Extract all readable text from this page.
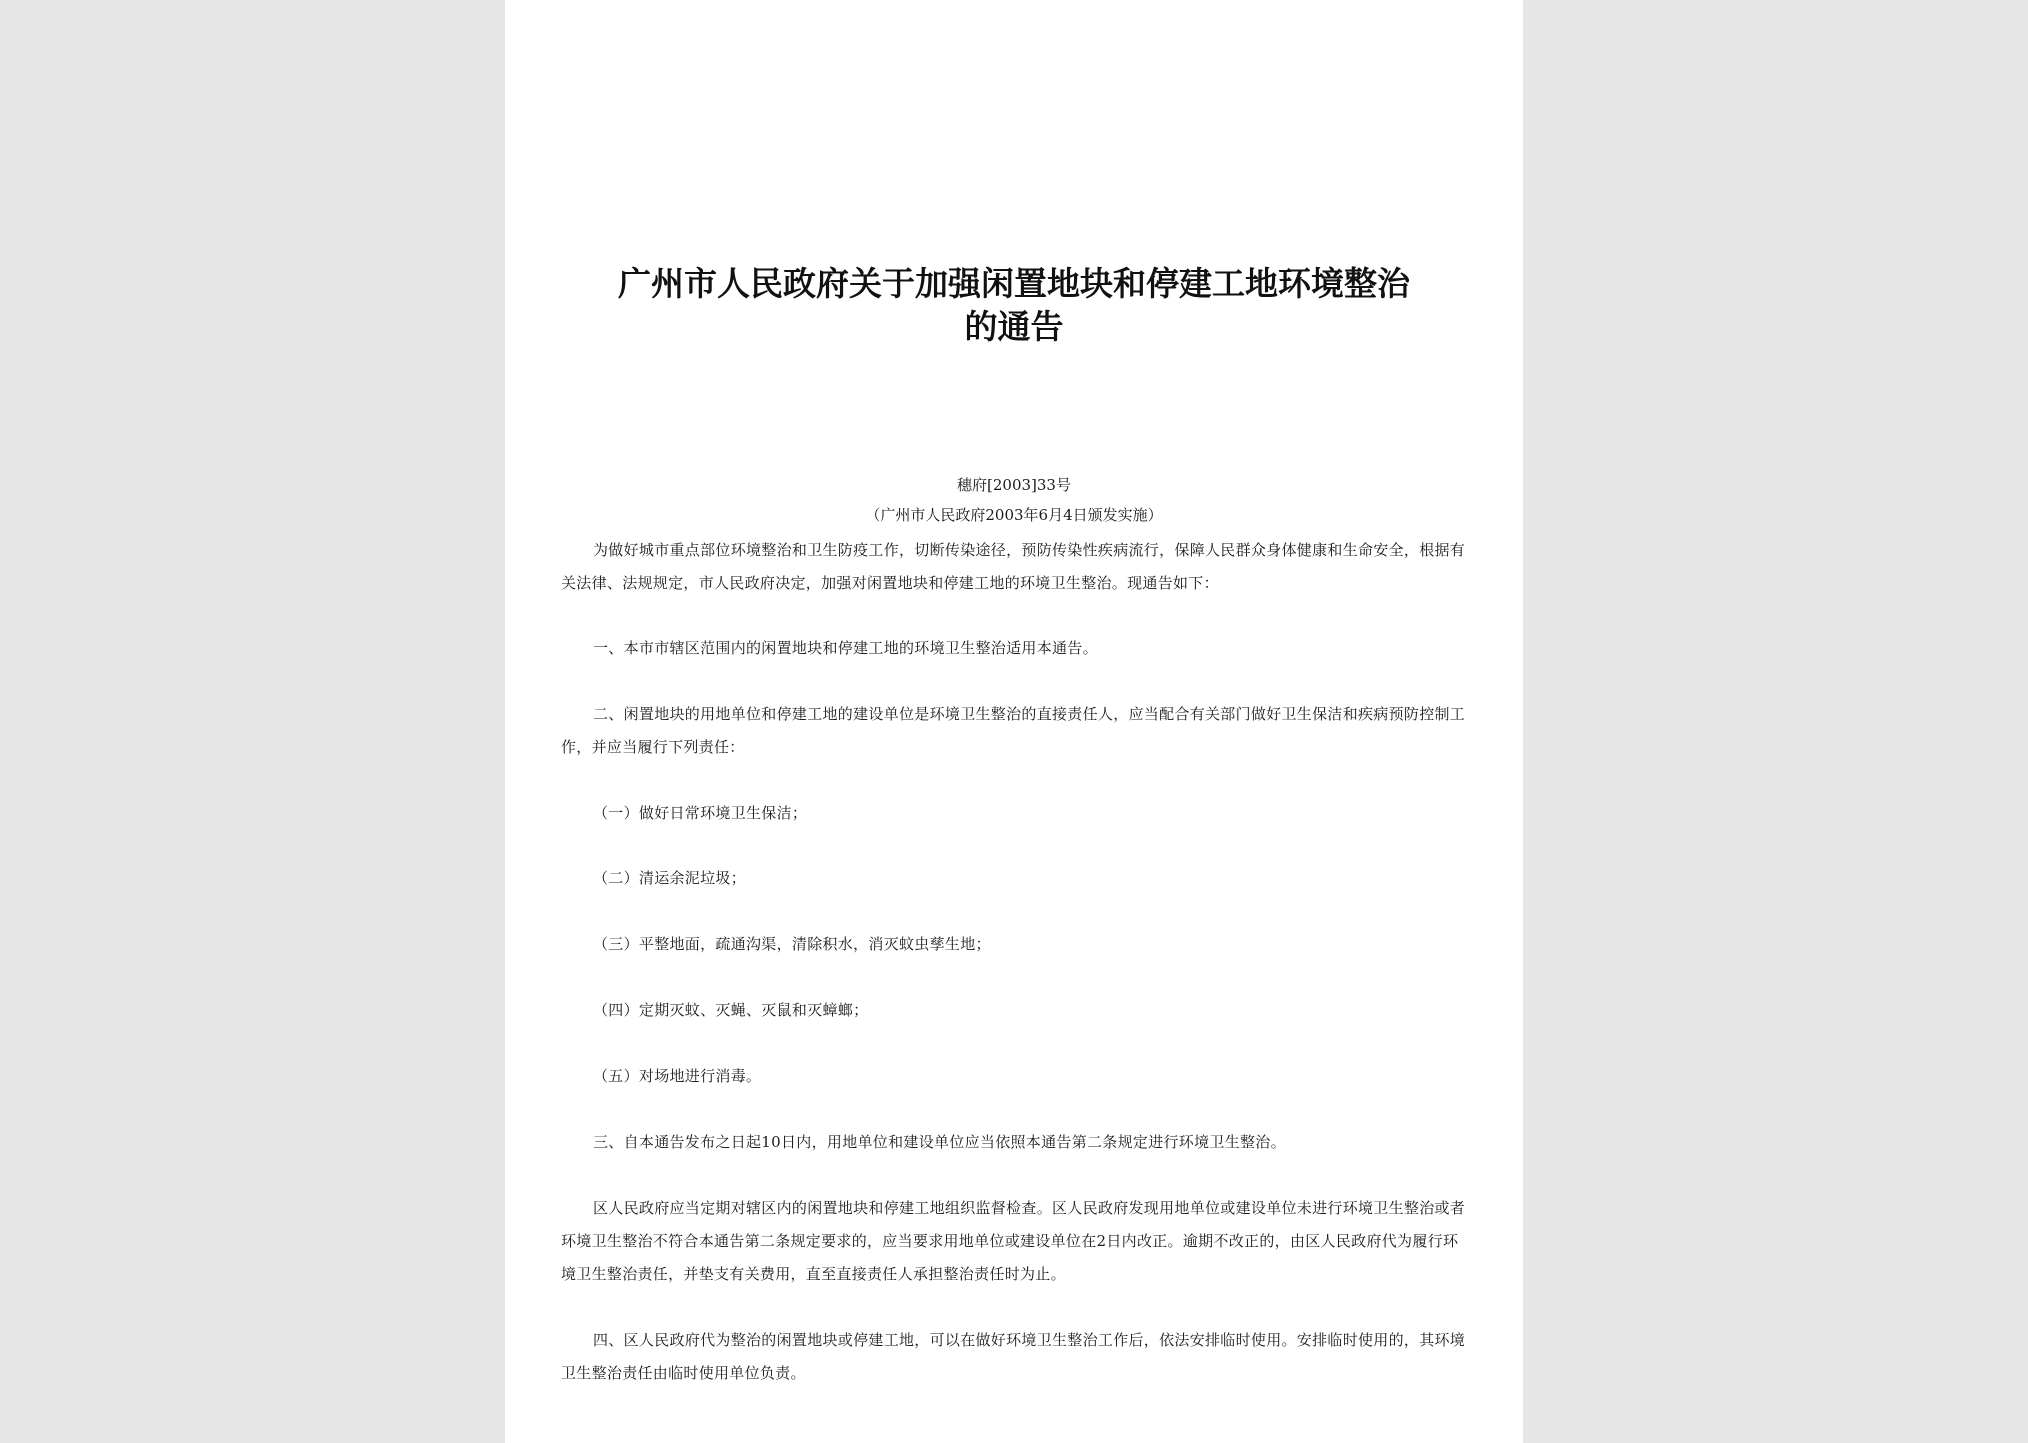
广州市人民政府关于加强闲置地块和停建工地环境整治
的通告
穗府[2003]33号
（广州市人民政府2003年6月4日颁发实施）

为做好城市重点部位环境整治和卫生防疫工作，切断传染途径，预防传染性疾病流行，保障人民群众身体健康和生命安全，根据有关法律、法规规定，市人民政府决定，加强对闲置地块和停建工地的环境卫生整治。现通告如下：

一、本市市辖区范围内的闲置地块和停建工地的环境卫生整治适用本通告。

二、闲置地块的用地单位和停建工地的建设单位是环境卫生整治的直接责任人，应当配合有关部门做好卫生保洁和疾病预防控制工作，并应当履行下列责任：

（一）做好日常环境卫生保洁；

（二）清运余泥垃圾；

（三）平整地面，疏通沟渠，清除积水，消灭蚊虫孳生地；

（四）定期灭蚊、灭蝇、灭鼠和灭蟑螂；

（五）对场地进行消毒。

三、自本通告发布之日起10日内，用地单位和建设单位应当依照本通告第二条规定进行环境卫生整治。

区人民政府应当定期对辖区内的闲置地块和停建工地组织监督检查。区人民政府发现用地单位或建设单位未进行环境卫生整治或者环境卫生整治不符合本通告第二条规定要求的，应当要求用地单位或建设单位在2日内改正。逾期不改正的，由区人民政府代为履行环境卫生整治责任，并垫支有关费用，直至直接责任人承担整治责任时为止。

四、区人民政府代为整治的闲置地块或停建工地，可以在做好环境卫生整治工作后，依法安排临时使用。安排临时使用的，其环境卫生整治责任由临时使用单位负责。
